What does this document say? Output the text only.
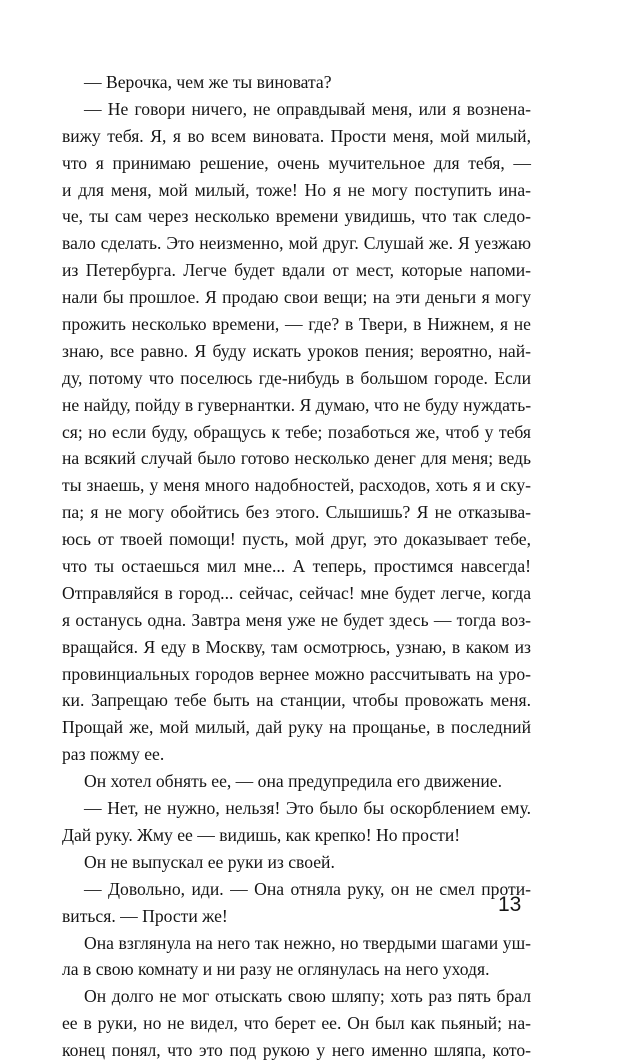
— Верочка, чем же ты виновата?
— Не говори ничего, не оправдывай меня, или я вознена-
вижу тебя. Я, я во всем виновата. Прости меня, мой милый,
что я принимаю решение, очень мучительное для тебя, —
и для меня, мой милый, тоже! Но я не могу поступить ина-
че, ты сам через несколько времени увидишь, что так следо-
вало сделать. Это неизменно, мой друг. Слушай же. Я уезжаю
из Петербурга. Легче будет вдали от мест, которые напоми-
нали бы прошлое. Я продаю свои вещи; на эти деньги я могу
прожить несколько времени, — где? в Твери, в Нижнем, я не
знаю, все равно. Я буду искать уроков пения; вероятно, най-
ду, потому что поселюсь где-нибудь в большом городе. Если
не найду, пойду в гувернантки. Я думаю, что не буду нуждать-
ся; но если буду, обращусь к тебе; позаботься же, чтоб у тебя
на всякий случай было готово несколько денег для меня; ведь
ты знаешь, у меня много надобностей, расходов, хоть я и ску-
па; я не могу обойтись без этого. Слышишь? Я не отказыва-
юсь от твоей помощи! пусть, мой друг, это доказывает тебе,
что ты остаешься мил мне... А теперь, простимся навсегда!
Отправляйся в город... сейчас, сейчас! мне будет легче, когда
я останусь одна. Завтра меня уже не будет здесь — тогда воз-
вращайся. Я еду в Москву, там осмотрюсь, узнаю, в каком из
провинциальных городов вернее можно рассчитывать на уро-
ки. Запрещаю тебе быть на станции, чтобы провожать меня.
Прощай же, мой милый, дай руку на прощанье, в последний
раз пожму ее.
Он хотел обнять ее, — она предупредила его движение.
— Нет, не нужно, нельзя! Это было бы оскорблением ему.
Дай руку. Жму ее — видишь, как крепко! Но прости!
Он не выпускал ее руки из своей.
— Довольно, иди. — Она отняла руку, он не смел проти-
виться. — Прости же!
Она взглянула на него так нежно, но твердыми шагами уш-
ла в свою комнату и ни разу не оглянулась на него уходя.
Он долго не мог отыскать свою шляпу; хоть раз пять брал
ее в руки, но не видел, что берет ее. Он был как пьяный; на-
конец понял, что это под рукою у него именно шляпа, кото-
13
